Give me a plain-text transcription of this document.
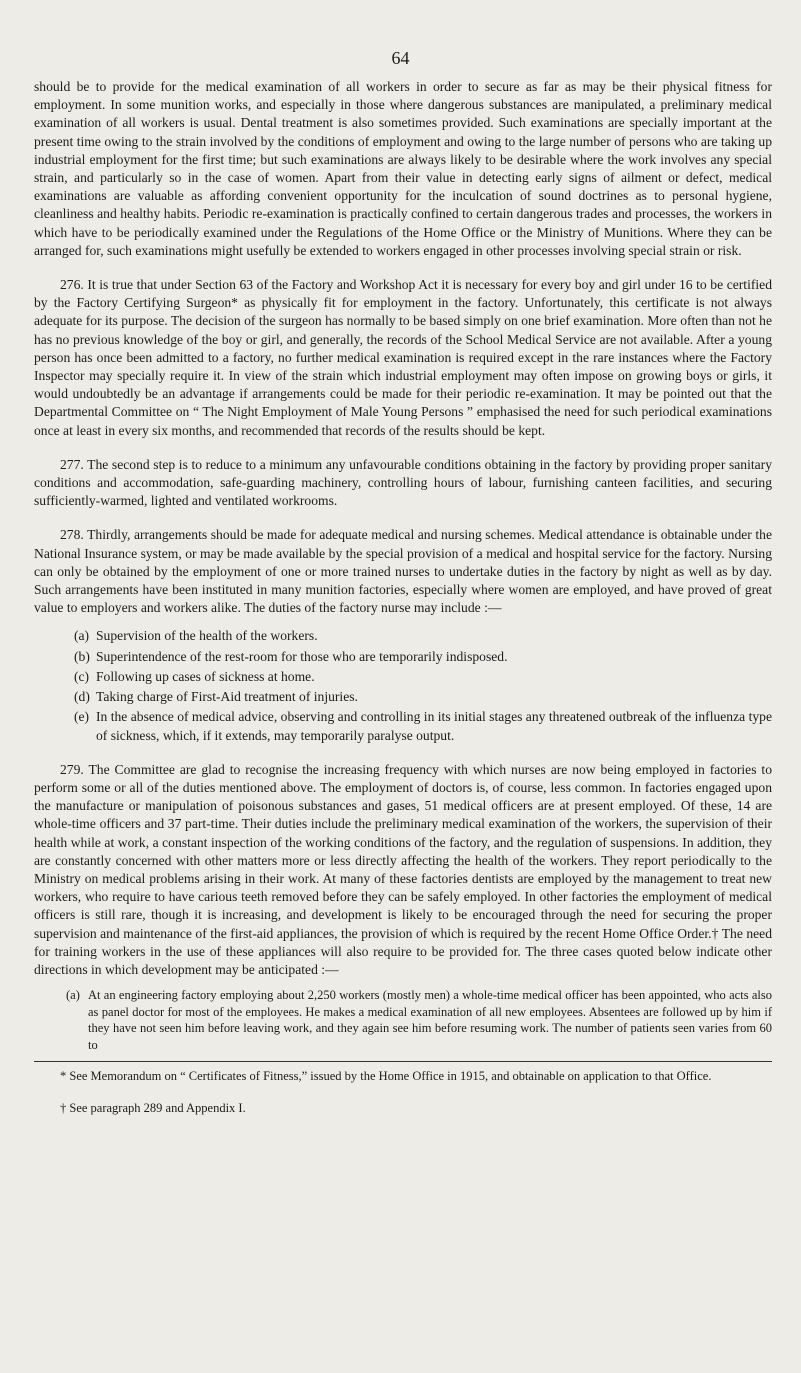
64

should be to provide for the medical examination of all workers in order to secure as far as may be their physical fitness for employment. In some munition works, and especially in those where dangerous substances are manipulated, a preliminary medical examination of all workers is usual. Dental treatment is also sometimes provided. Such examinations are specially important at the present time owing to the strain involved by the conditions of employment and owing to the large number of persons who are taking up industrial employment for the first time; but such examinations are always likely to be desirable where the work involves any special strain, and particularly so in the case of women. Apart from their value in detecting early signs of ailment or defect, medical examinations are valuable as affording convenient opportunity for the inculcation of sound doctrines as to personal hygiene, cleanliness and healthy habits. Periodic re-examination is practically confined to certain dangerous trades and processes, the workers in which have to be periodically examined under the Regulations of the Home Office or the Ministry of Munitions. Where they can be arranged for, such examinations might usefully be extended to workers engaged in other processes involving special strain or risk.

276. It is true that under Section 63 of the Factory and Workshop Act it is necessary for every boy and girl under 16 to be certified by the Factory Certifying Surgeon* as physically fit for employment in the factory. Unfortunately, this certificate is not always adequate for its purpose. The decision of the surgeon has normally to be based simply on one brief examination. More often than not he has no previous knowledge of the boy or girl, and generally, the records of the School Medical Service are not available. After a young person has once been admitted to a factory, no further medical examination is required except in the rare instances where the Factory Inspector may specially require it. In view of the strain which industrial employment may often impose on growing boys or girls, it would undoubtedly be an advantage if arrangements could be made for their periodic re-examination. It may be pointed out that the Departmental Committee on “ The Night Employment of Male Young Persons ” emphasised the need for such periodical examinations once at least in every six months, and recommended that records of the results should be kept.

277. The second step is to reduce to a minimum any unfavourable conditions obtaining in the factory by providing proper sanitary conditions and accommodation, safe-guarding machinery, controlling hours of labour, furnishing canteen facilities, and securing sufficiently-warmed, lighted and ventilated workrooms.

278. Thirdly, arrangements should be made for adequate medical and nursing schemes. Medical attendance is obtainable under the National Insurance system, or may be made available by the special provision of a medical and hospital service for the factory. Nursing can only be obtained by the employment of one or more trained nurses to undertake duties in the factory by night as well as by day. Such arrangements have been instituted in many munition factories, especially where women are employed, and have proved of great value to employers and workers alike. The duties of the factory nurse may include :—

(a) Supervision of the health of the workers.
(b) Superintendence of the rest-room for those who are temporarily indisposed.
(c) Following up cases of sickness at home.
(d) Taking charge of First-Aid treatment of injuries.
(e) In the absence of medical advice, observing and controlling in its initial stages any threatened outbreak of the influenza type of sickness, which, if it extends, may temporarily paralyse output.

279. The Committee are glad to recognise the increasing frequency with which nurses are now being employed in factories to perform some or all of the duties mentioned above. The employment of doctors is, of course, less common. In factories engaged upon the manufacture or manipulation of poisonous substances and gases, 51 medical officers are at present employed. Of these, 14 are whole-time officers and 37 part-time. Their duties include the preliminary medical examination of the workers, the supervision of their health while at work, a constant inspection of the working conditions of the factory, and the regulation of suspensions. In addition, they are constantly concerned with other matters more or less directly affecting the health of the workers. They report periodically to the Ministry on medical problems arising in their work. At many of these factories dentists are employed by the management to treat new workers, who require to have carious teeth removed before they can be safely employed. In other factories the employment of medical officers is still rare, though it is increasing, and development is likely to be encouraged through the need for securing the proper supervision and maintenance of the first-aid appliances, the provision of which is required by the recent Home Office Order.† The need for training workers in the use of these appliances will also require to be provided for. The three cases quoted below indicate other directions in which development may be anticipated :—

(a) At an engineering factory employing about 2,250 workers (mostly men) a whole-time medical officer has been appointed, who acts also as panel doctor for most of the employees. He makes a medical examination of all new employees. Absentees are followed up by him if they have not seen him before leaving work, and they again see him before resuming work. The number of patients seen varies from 60 to

* See Memorandum on “ Certificates of Fitness,” issued by the Home Office in 1915, and obtainable on application to that Office.

† See paragraph 289 and Appendix I.
